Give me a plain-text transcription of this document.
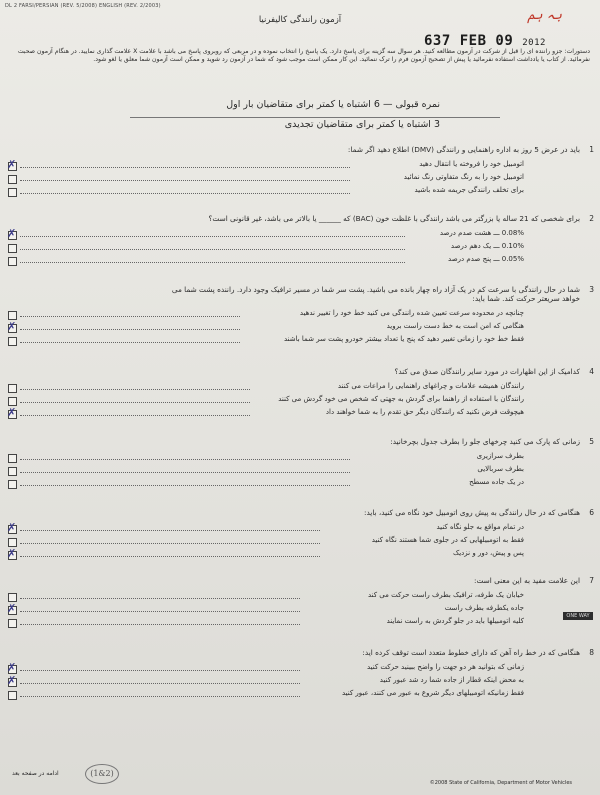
DL 2 FARSI/PERSIAN (REV. 5/2008) ENGLISH (REV. 2/2003)
بہ ہم
آزمون رانندگی کالیفرنیا
637 FEB 09 2012
دستورات: جزو راننده ای را قبل از شرکت در آزمون مطالعه کنید. هر سوال سه گزینه برای پاسخ دارد. یک پاسخ را انتخاب نموده و در مربعی که روبروی پاسخ می باشد با علامت X علامت گذاری نمایید. در هنگام آزمون صحبت نفرمائید. از کتاب یا یادداشت استفاده نفرمائید یا پیش از تصحیح آزمون فرم را ترک ننمائید. این کار ممکن است موجب شود که شما در آزمون رد شوید و ممکن است آزمون شما معلق یا لغو شود.
نمره قبولی — 6 اشتباه یا کمتر برای متقاضیان بار اول
3 اشتباه یا کمتر برای متقاضیان تجدیدی
1
باید در عرض 5 روز به اداره راهنمایی و رانندگی (DMV) اطلاع دهید اگر شما:
✗
اتومبیل خود را فروخته یا انتقال دهید
اتومبیل خود را به رنگ متفاوتی رنگ نمائید
برای تخلف رانندگی جریمه شده باشید
2
برای شخصی که 21 ساله یا بزرگتر می باشد رانندگی با غلظت خون (BAC) که ______ یا بالاتر می باشد، غیر قانونی است؟
✗
0.08% ـــ هشت صدم درصد
0.10% ـــ یک دهم درصد
0.05% ـــ پنج صدم درصد
3
شما در حال رانندگی با سرعت کم در یک آزاد راه چهار بانده می باشید. پشت سر شما در مسیر ترافیک وجود دارد. راننده پشت شما می
خواهد سریعتر حرکت کند. شما باید:
چنانچه در محدوده سرعت تعیین شده رانندگی می کنید خط خود را تغییر ندهید
✗
هنگامی که امن است به خط دست راست بروید
فقط خط خود را زمانی تغییر دهید که پنج یا تعداد بیشتر خودرو پشت سر شما باشند
4
کدامیک از این اظهارات در مورد سایر رانندگان صدق می کند؟
رانندگان همیشه علامات و چراغهای راهنمایی را مراعات می کنند
رانندگان با استفاده از راهنما برای گردش به جهتی که شخص می خود گردش می کنند
✗
هیچوقت فرض نکنید که رانندگان دیگر حق تقدم را به شما خواهند داد
5
زمانی که پارک می کنید چرخهای جلو را بطرف جدول بچرخانید:
بطرف سرازیری
بطرف سربالایی
در یک جاده مسطح
6
هنگامی که در حال رانندگی به پیش روی اتومبیل خود نگاه می کنید، باید:
✗
در تمام مواقع به جلو نگاه کنید
فقط به اتومبیلهایی که در جلوی شما هستند نگاه کنید
✗
پس و پیش، دور و نزدیک
7
این علامت مفید به این معنی است:
خیابان یک طرفه، ترافیک بطرف راست حرکت می کند
✗
جاده یکطرفه بطرف راست
کلیه اتومبیلها باید در جلو گردش به راست نمایند
8
هنگامی که در خط راه آهن که دارای خطوط متعدد است توقف کرده اید:
✗
زمانی که بتوانید هر دو جهت را واضح ببینید حرکت کنید
✗
به محض اینکه قطار از جاده شما رد شد عبور کنید
فقط زمانیکه اتومبیلهای دیگر شروع به عبور می کنند، عبور کنید
ONE WAY
ادامه در صفحه بعد	(1&2)
©2008 State of California, Department of Motor Vehicles
